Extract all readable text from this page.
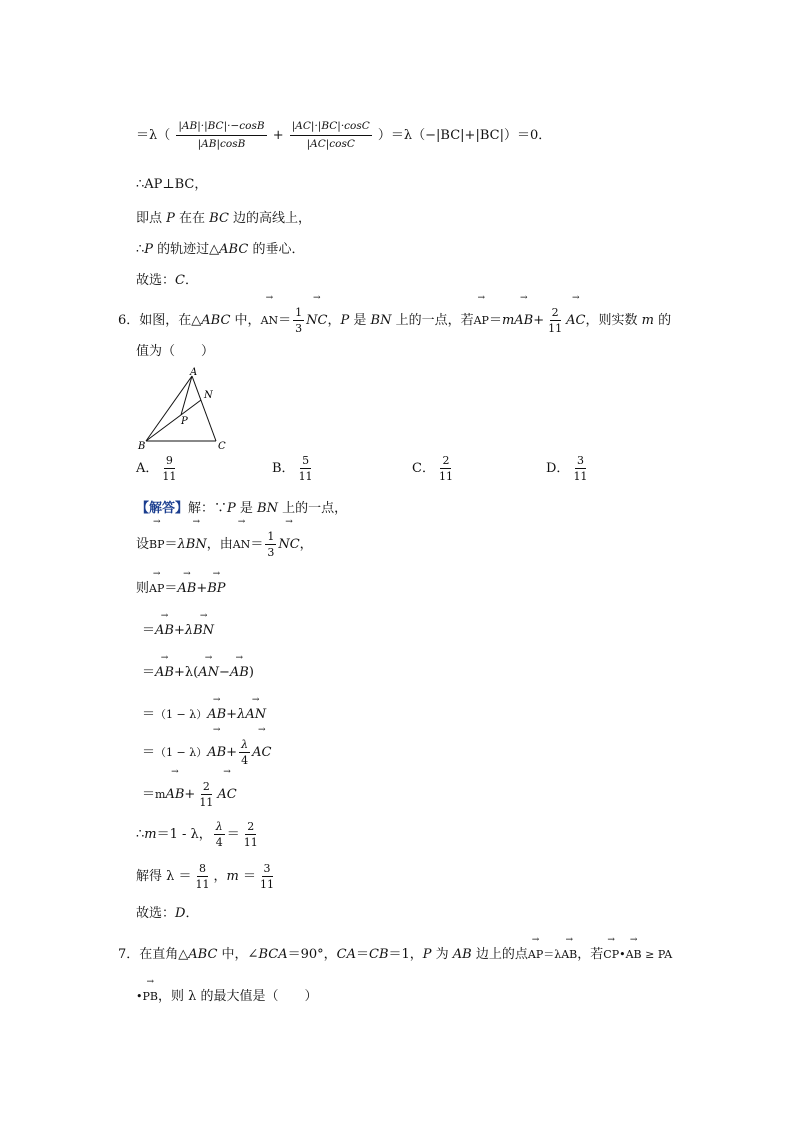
$=\lambda( \frac{|AB|\cdot|BC|\cdot-\cos B}{|AB|\cos B} + \frac{|AC|\cdot|BC|\cdot\cos C}{|AC|\cos C} )=\lambda(-|BC|+|BC|)=0$．
∴AP⊥BC，
即点 P 在在 BC 边的高线上，
∴P 的轨迹过△ABC 的垂心．
故选：C．
6．如图，在△ABC 中，→ $AN= \frac{1}{3}$ → NC，P 是 BN 上的一点，若→ $AP=m\to AB+ \frac{2}{11}$ → AC，则实数 m 的
值为（　　）
A
N
P
B	C
A． $\frac{9}{11}$	B． $\frac{5}{11}$	C． $\frac{2}{11}$	D． $\frac{3}{11}$
【解答】解：∵P 是 BN 上的一点，
设→ BP＝λ→ BN，由→ $AN= \frac{1}{3}$ → NC，
则→ AP＝→ AB+→ BP
＝→ AB+λ→ BN
＝→ AB+λ(→ AN−→ AB)
＝（1 − λ）→ AB+λ→ AN
$=(1 - \lambda)\to AB+ \frac{\lambda}{4}$ → AC
$=m\to AB+ \frac{2}{11}$ → AC
∴m＝1 - λ， $\frac{\lambda}{4} = \frac{2}{11}$
解得 $\lambda = \frac{8}{11}$ ，$m = \frac{3}{11}$
故选：D．
7．在直角△ABC 中，∠BCA＝90°，CA＝CB＝1，P 为 AB 边上的点→ AP＝λ→ AB，若→ CP•→ AB ≥ PA
•→ PB，则 λ 的最大值是（　　）
